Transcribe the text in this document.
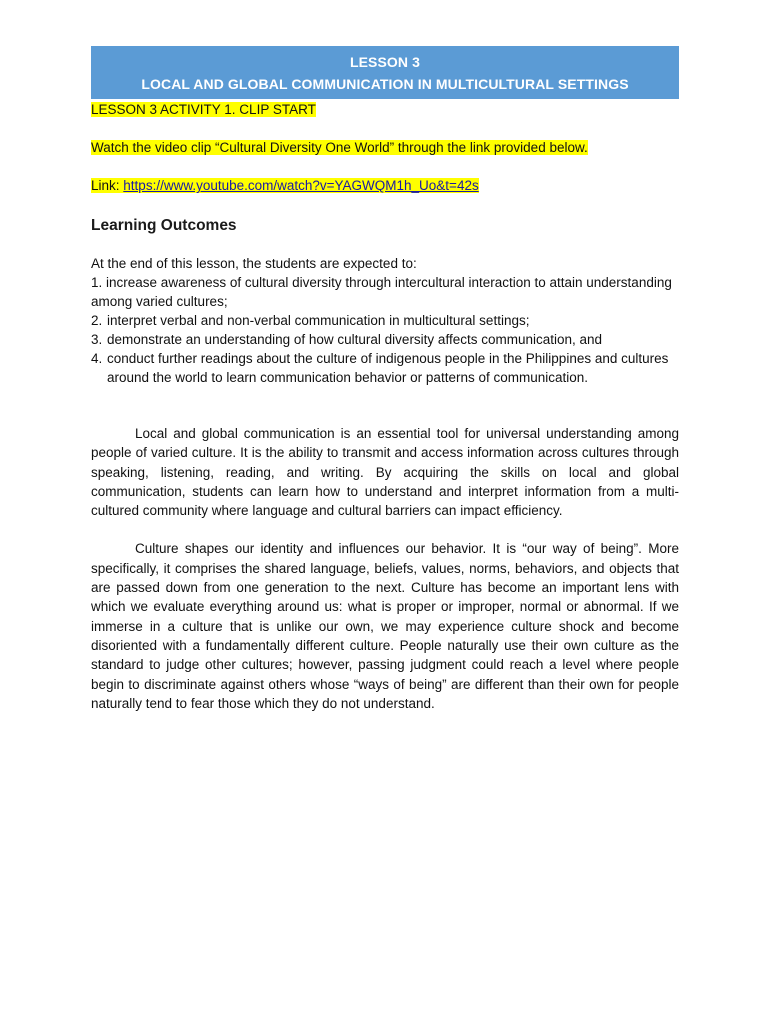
LESSON 3
LOCAL AND GLOBAL COMMUNICATION IN MULTICULTURAL SETTINGS
LESSON 3 ACTIVITY 1. CLIP START
Watch the video clip “Cultural Diversity One World” through the link provided below.
Link: https://www.youtube.com/watch?v=YAGWQM1h_Uo&t=42s
Learning Outcomes
At the end of this lesson, the students are expected to:
1. increase awareness of cultural diversity through intercultural interaction to attain understanding among varied cultures;
2. interpret verbal and non-verbal communication in multicultural settings;
3. demonstrate an understanding of how cultural diversity affects communication, and
4. conduct further readings about the culture of indigenous people in the Philippines and cultures around the world to learn communication behavior or patterns of communication.

Local and global communication is an essential tool for universal understanding among people of varied culture. It is the ability to transmit and access information across cultures through speaking, listening, reading, and writing. By acquiring the skills on local and global communication, students can learn how to understand and interpret information from a multi-cultured community where language and cultural barriers can impact efficiency.

Culture shapes our identity and influences our behavior. It is “our way of being”. More specifically, it comprises the shared language, beliefs, values, norms, behaviors, and objects that are passed down from one generation to the next. Culture has become an important lens with which we evaluate everything around us: what is proper or improper, normal or abnormal. If we immerse in a culture that is unlike our own, we may experience culture shock and become disoriented with a fundamentally different culture. People naturally use their own culture as the standard to judge other cultures; however, passing judgment could reach a level where people begin to discriminate against others whose “ways of being” are different than their own for people naturally tend to fear those which they do not understand.
